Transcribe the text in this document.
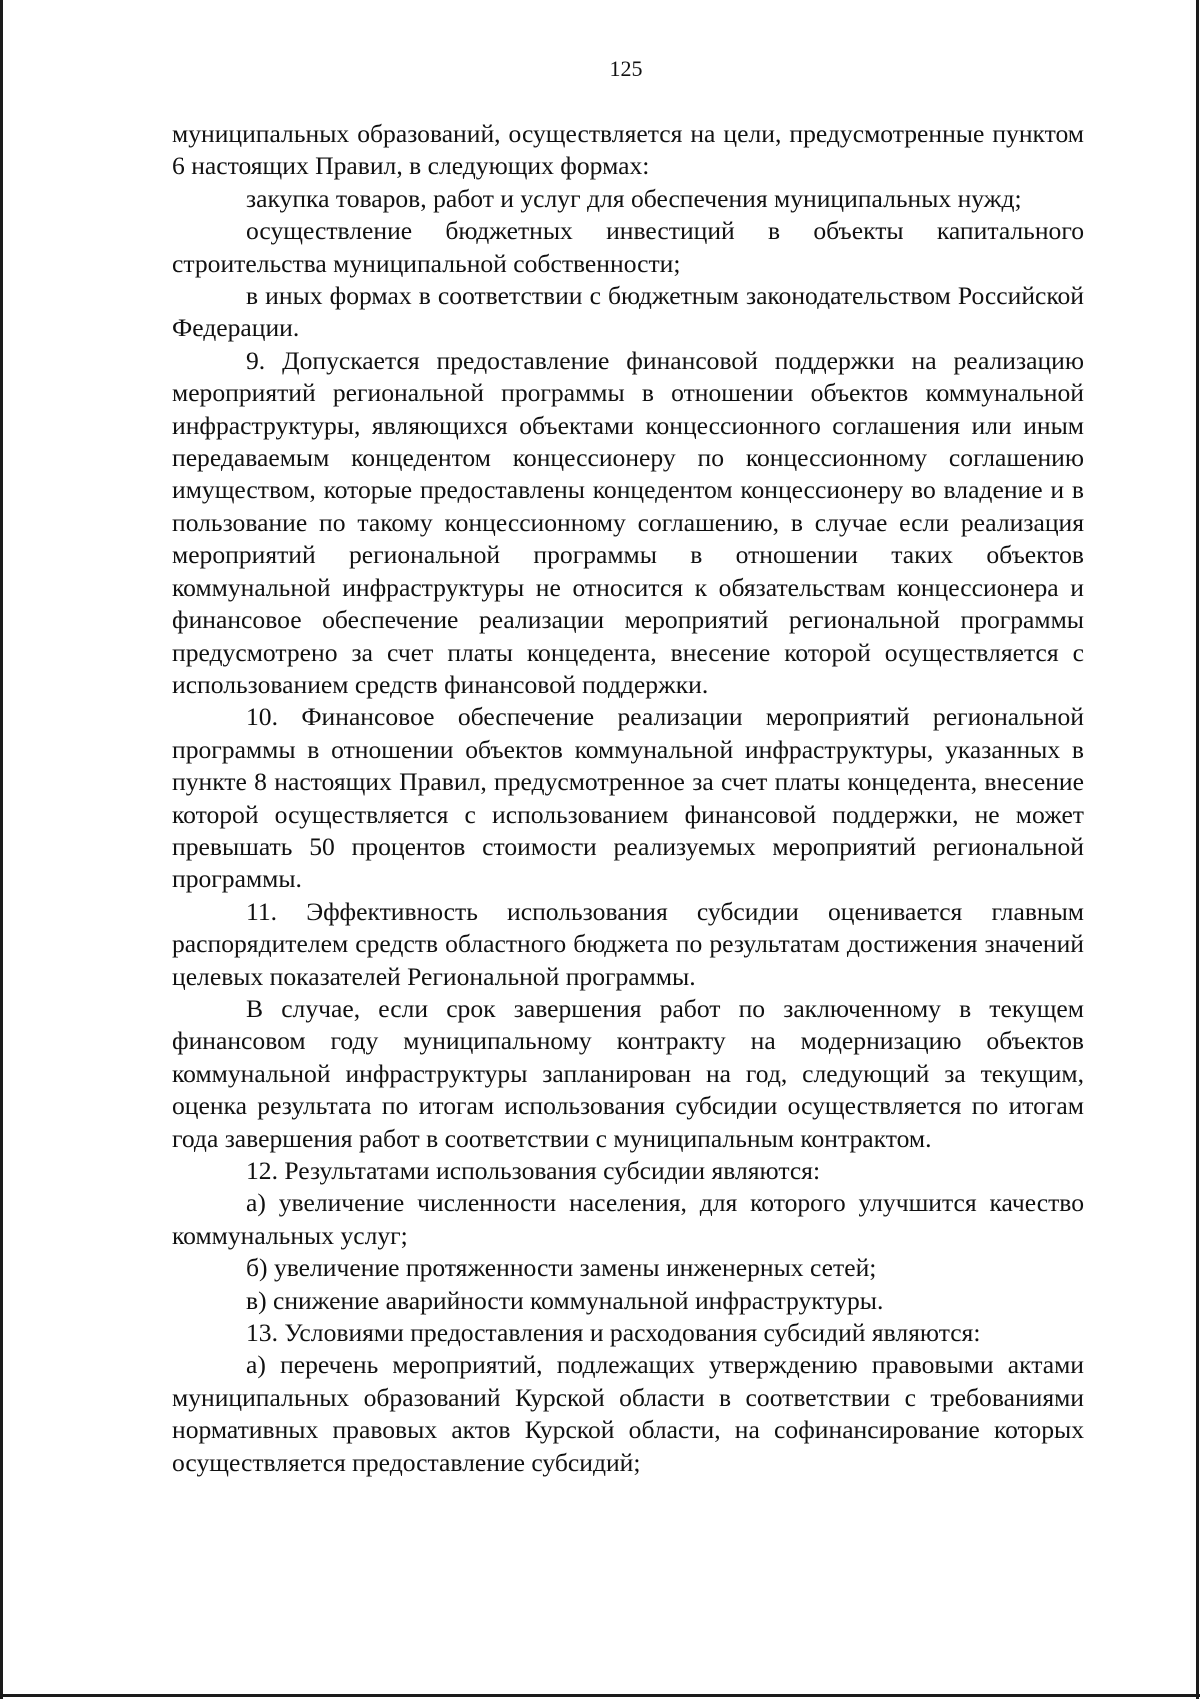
125

муниципальных образований, осуществляется на цели, предусмотренные пунктом 6 настоящих Правил, в следующих формах:

закупка товаров, работ и услуг для обеспечения муниципальных нужд;

осуществление бюджетных инвестиций в объекты капитального строительства муниципальной собственности;

в иных формах в соответствии с бюджетным законодательством Российской Федерации.

9. Допускается предоставление финансовой поддержки на реализацию мероприятий региональной программы в отношении объектов коммунальной инфраструктуры, являющихся объектами концессионного соглашения или иным передаваемым концедентом концессионеру по концессионному соглашению имуществом, которые предоставлены концедентом концессионеру во владение и в пользование по такому концессионному соглашению, в случае если реализация мероприятий региональной программы в отношении таких объектов коммунальной инфраструктуры не относится к обязательствам концессионера и финансовое обеспечение реализации мероприятий региональной программы предусмотрено за счет платы концедента, внесение которой осуществляется с использованием средств финансовой поддержки.

10. Финансовое обеспечение реализации мероприятий региональной программы в отношении объектов коммунальной инфраструктуры, указанных в пункте 8 настоящих Правил, предусмотренное за счет платы концедента, внесение которой осуществляется с использованием финансовой поддержки, не может превышать 50 процентов стоимости реализуемых мероприятий региональной программы.

11. Эффективность использования субсидии оценивается главным распорядителем средств областного бюджета по результатам достижения значений целевых показателей Региональной программы.

В случае, если срок завершения работ по заключенному в текущем финансовом году муниципальному контракту на модернизацию объектов коммунальной инфраструктуры запланирован на год, следующий за текущим, оценка результата по итогам использования субсидии осуществляется по итогам года завершения работ в соответствии с муниципальным контрактом.

12. Результатами использования субсидии являются:

а) увеличение численности населения, для которого улучшится качество коммунальных услуг;

б) увеличение протяженности замены инженерных сетей;

в) снижение аварийности коммунальной инфраструктуры.

13. Условиями предоставления и расходования субсидий являются:

а) перечень мероприятий, подлежащих утверждению правовыми актами муниципальных образований Курской области в соответствии с требованиями нормативных правовых актов Курской области, на софинансирование которых осуществляется предоставление субсидий;
